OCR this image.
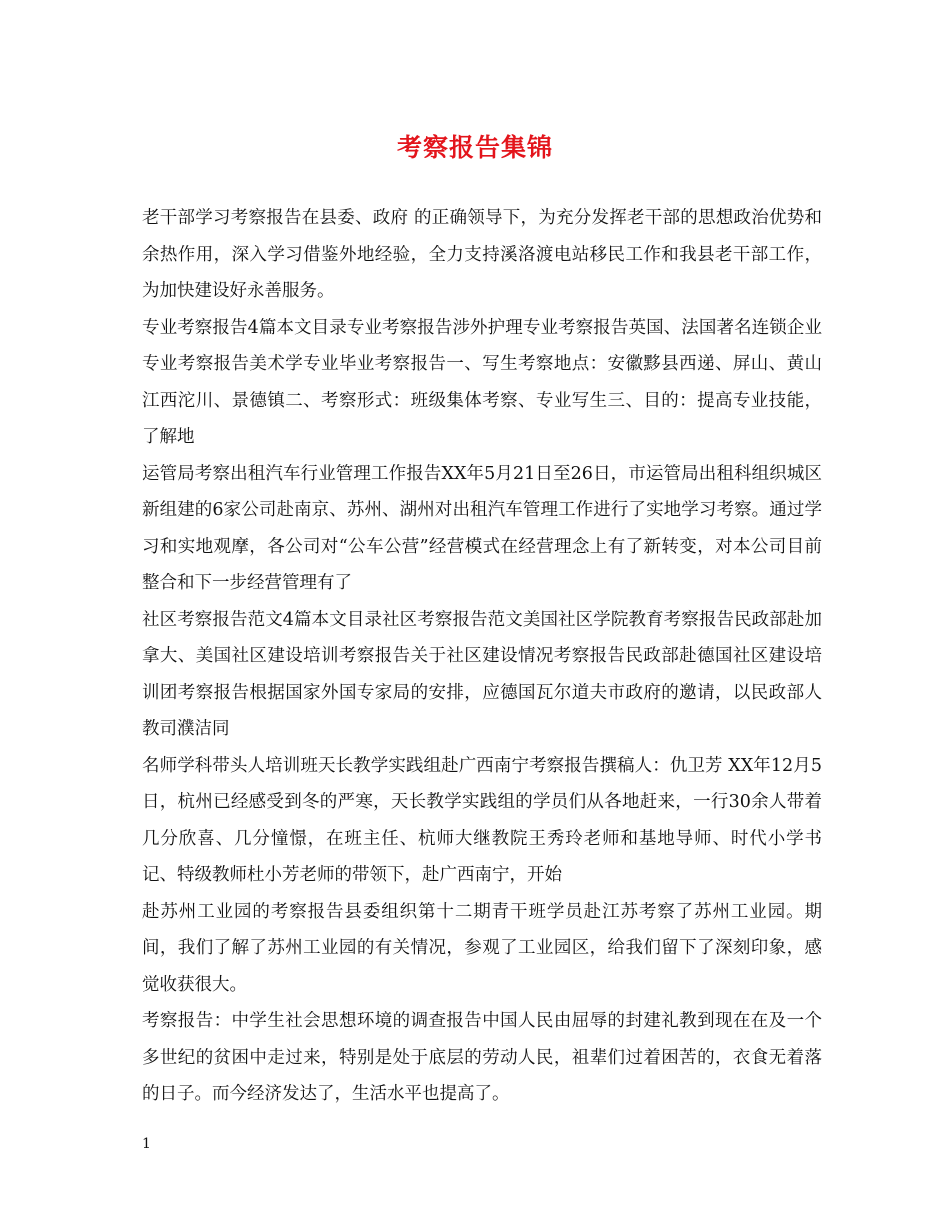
考察报告集锦

老干部学习考察报告在县委、政府 的正确领导下，为充分发挥老干部的思想政治优势和余热作用，深入学习借鉴外地经验，全力支持溪洛渡电站移民工作和我县老干部工作，为加快建设好永善服务。

专业考察报告4篇本文目录专业考察报告涉外护理专业考察报告英国、法国著名连锁企业专业考察报告美术学专业毕业考察报告一、写生考察地点：安徽黟县西递、屏山、黄山 江西沱川、景德镇二、考察形式：班级集体考察、专业写生三、目的：提高专业技能，了解地

运管局考察出租汽车行业管理工作报告XX年5月21日至26日，市运管局出租科组织城区新组建的6家公司赴南京、苏州、湖州对出租汽车管理工作进行了实地学习考察。通过学习和实地观摩，各公司对“公车公营”经营模式在经营理念上有了新转变，对本公司目前整合和下一步经营管理有了

社区考察报告范文4篇本文目录社区考察报告范文美国社区学院教育考察报告民政部赴加拿大、美国社区建设培训考察报告关于社区建设情况考察报告民政部赴德国社区建设培训团考察报告根据国家外国专家局的安排，应德国瓦尔道夫市政府的邀请，以民政部人教司濮洁同

名师学科带头人培训班天长教学实践组赴广西南宁考察报告撰稿人：仇卫芳 XX年12月5日，杭州已经感受到冬的严寒，天长教学实践组的学员们从各地赶来，一行30余人带着几分欣喜、几分憧憬，在班主任、杭师大继教院王秀玲老师和基地导师、时代小学书记、特级教师杜小芳老师的带领下，赴广西南宁，开始

赴苏州工业园的考察报告县委组织第十二期青干班学员赴江苏考察了苏州工业园。期间，我们了解了苏州工业园的有关情况，参观了工业园区，给我们留下了深刻印象，感觉收获很大。

考察报告：中学生社会思想环境的调查报告中国人民由屈辱的封建礼教到现在在及一个多世纪的贫困中走过来，特别是处于底层的劳动人民，祖辈们过着困苦的，衣食无着落的日子。而今经济发达了，生活水平也提高了。

1
